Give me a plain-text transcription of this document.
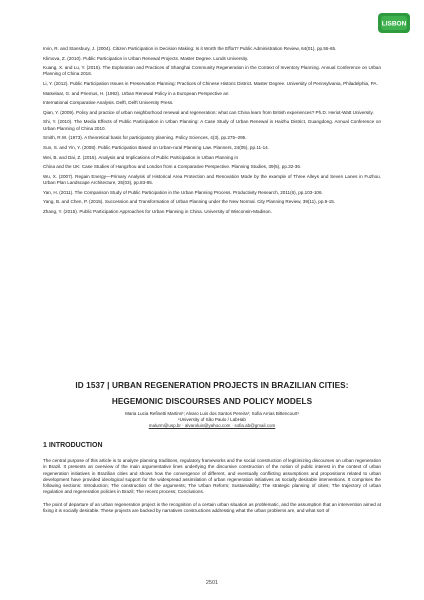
LISBON

Irvin, R. and Stansbury, J. (2004). Citizen Participation in Decision Making: Is it Worth the Effort? Public Administration Review, 64(01), pp.55-65.

Klimova, Z. (2010). Public Participation in Urban Renewal Projects. Master Degree. Lunds University.

Kuang, X. and Lu, Y. (2015). The Exploration and Practices of Shanghai Community Regeneration in the Context of Inventory Planning. Annual Conference on Urban Planning of China 2016.

Li, Y. (2012). Public Participation Issues in Preservation Planning: Practices of Chinese Historic District. Master Degree. University of Pennsylvania, Philadelphia, PA.

Matselaar, G. and Priemus, H. (1992). Urban Renewal Policy in a European Perspective an

International Comparative Analysis. Delft, Delft University Press.

Qian, Y. (2009). Policy and practice of urban neighborhood renewal and regeneration: what can China learn from British experiences? Ph.D. Heriot-Watt University.

Shi, Y. (2010). The Media Effects of Public Participation in Urban Planning: A Case Study of Urban Renewal in Haizhu District, Guangdong. Annual Conference on Urban Planning of China 2010.

Smith, R.W. (1973). A theoretical basis for participatory planning. Policy Sciences, 4(3), pp.275–295.

Sun, S. and Yin, Y. (2008). Public Participation Based on Urban-rural Planning Law. Planners, 24(05), pp.11-14.

Wei, B. and Dai, Z. (2015). Analysis and Implications of Public Participation in Urban Planning in

China and the UK: Case Studies of Hangzhou and London from a Comparative Perspective. Planning Studies, 39(5), pp.32-36.

Wu, X. (2007). Regain Energy—Primary Analysis of Historical Area Protection and Renovation Mode by the example of Three Alleys and Seven Lanes in Fuzhou. Urban Plan Landscape Architecture, 25(03), pp.83-85.

Yan, H. (2011). The Comparison Study of Public Participation in the Urban Planning Process. Productivity Research, 2011(6), pp.103-106.

Yang, B. and Chen, P. (2015). Succession and Transformation of Urban Planning under the New Normal. City Planning Review, 39(11), pp.9-15.

Zhang, Y. (2015). Public Participation Approaches for Urban Planning in China. University of Wisconsin-Madison.

ID 1537 | URBAN REGENERATION PROJECTS IN BRAZILIAN CITIES:
HEGEMONIC DISCOURSES AND POLICY MODELS
Maria Lucia Refinetti Martins¹; Alvaro Luis dos Santos Pereira¹; Sofia Arrias Bittencourt¹
¹University of São Paulo / LabHab
malurm@usp.br · alvaroluis@yahoo.com · sofia.ab@gmail.com
1 INTRODUCTION

The central purpose of this article is to analyze planning traditions, regulatory frameworks and the social construction of legitimizing discourses on urban regeneration in Brazil. It presents an overview of the main argumentative lines underlying the discursive construction of the notion of public interest in the context of urban regeneration initiatives in Brazilian cities and shows how the convergence of different, and eventually conflicting assumptions and propositions related to urban development have provided ideological support for the widespread assimilation of urban regeneration initiatives as socially desirable interventions. It comprises the following sections: Introduction; The construction of the arguments; The Urban Reform; Sustainability; The strategic planning of cities; The trajectory of urban regulation and regeneration policies in Brazil; The recent process; Conclusions.

The point of departure of an urban regeneration project is the recognition of a certain urban situation as problematic, and the assumption that an intervention aimed at fixing it is socially desirable. These projects are backed by narratives constructions addressing what the urban problems are, and what sort of

2501
